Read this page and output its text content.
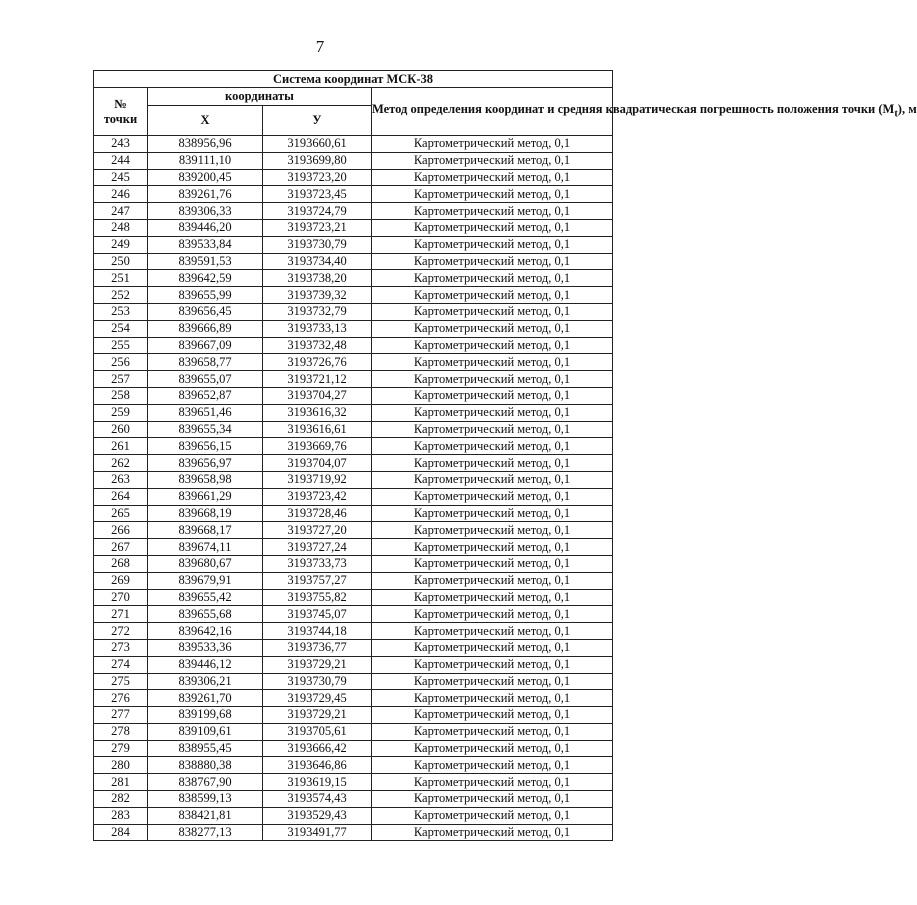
7
Система координат МСК-38			
№
точки	координаты		Метод определения координат и средняя квадратическая погрешность положения точки $(М_t)$, м
	Х	У	
243	838956,96	3193660,61	Картометрический метод, 0,1
244	839111,10	3193699,80	Картометрический метод, 0,1
245	839200,45	3193723,20	Картометрический метод, 0,1
246	839261,76	3193723,45	Картометрический метод, 0,1
247	839306,33	3193724,79	Картометрический метод, 0,1
248	839446,20	3193723,21	Картометрический метод, 0,1
249	839533,84	3193730,79	Картометрический метод, 0,1
250	839591,53	3193734,40	Картометрический метод, 0,1
251	839642,59	3193738,20	Картометрический метод, 0,1
252	839655,99	3193739,32	Картометрический метод, 0,1
253	839656,45	3193732,79	Картометрический метод, 0,1
254	839666,89	3193733,13	Картометрический метод, 0,1
255	839667,09	3193732,48	Картометрический метод, 0,1
256	839658,77	3193726,76	Картометрический метод, 0,1
257	839655,07	3193721,12	Картометрический метод, 0,1
258	839652,87	3193704,27	Картометрический метод, 0,1
259	839651,46	3193616,32	Картометрический метод, 0,1
260	839655,34	3193616,61	Картометрический метод, 0,1
261	839656,15	3193669,76	Картометрический метод, 0,1
262	839656,97	3193704,07	Картометрический метод, 0,1
263	839658,98	3193719,92	Картометрический метод, 0,1
264	839661,29	3193723,42	Картометрический метод, 0,1
265	839668,19	3193728,46	Картометрический метод, 0,1
266	839668,17	3193727,20	Картометрический метод, 0,1
267	839674,11	3193727,24	Картометрический метод, 0,1
268	839680,67	3193733,73	Картометрический метод, 0,1
269	839679,91	3193757,27	Картометрический метод, 0,1
270	839655,42	3193755,82	Картометрический метод, 0,1
271	839655,68	3193745,07	Картометрический метод, 0,1
272	839642,16	3193744,18	Картометрический метод, 0,1
273	839533,36	3193736,77	Картометрический метод, 0,1
274	839446,12	3193729,21	Картометрический метод, 0,1
275	839306,21	3193730,79	Картометрический метод, 0,1
276	839261,70	3193729,45	Картометрический метод, 0,1
277	839199,68	3193729,21	Картометрический метод, 0,1
278	839109,61	3193705,61	Картометрический метод, 0,1
279	838955,45	3193666,42	Картометрический метод, 0,1
280	838880,38	3193646,86	Картометрический метод, 0,1
281	838767,90	3193619,15	Картометрический метод, 0,1
282	838599,13	3193574,43	Картометрический метод, 0,1
283	838421,81	3193529,43	Картометрический метод, 0,1
284	838277,13	3193491,77	Картометрический метод, 0,1
